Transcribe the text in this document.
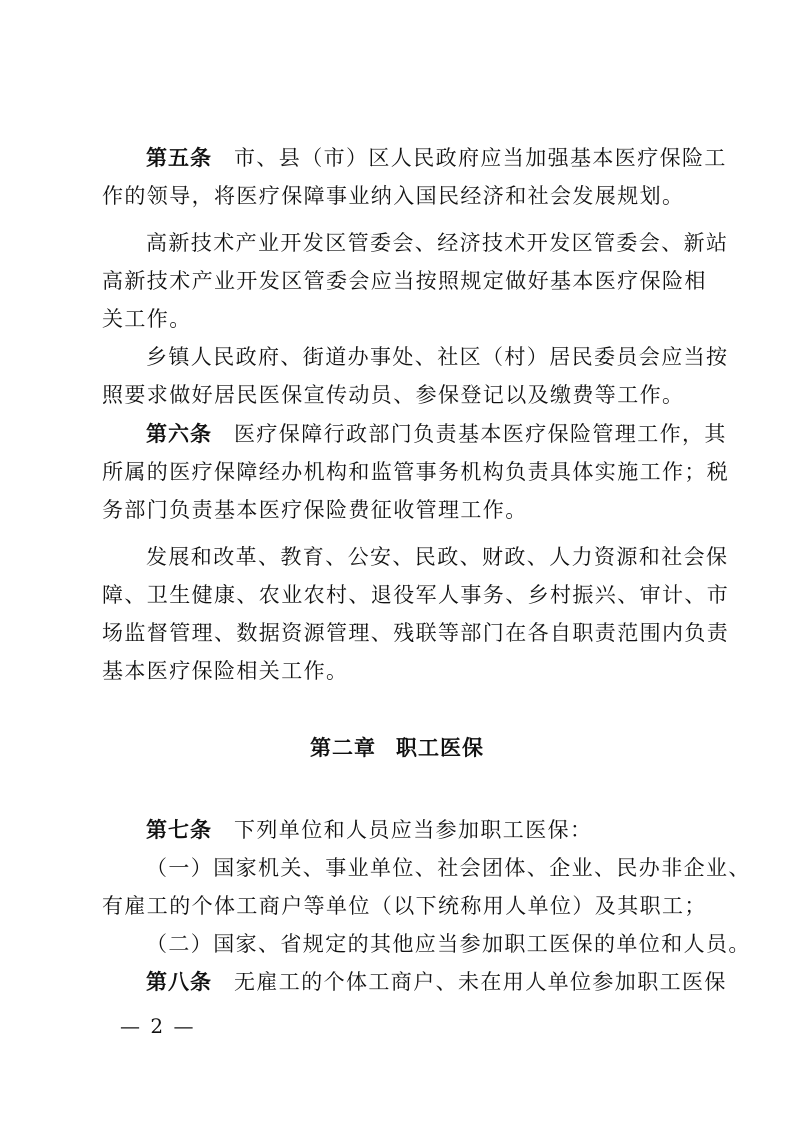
第五条 市、县（市）区人民政府应当加强基本医疗保险工
作的领导，将医疗保障事业纳入国民经济和社会发展规划。
高新技术产业开发区管委会、经济技术开发区管委会、新站
高新技术产业开发区管委会应当按照规定做好基本医疗保险相
关工作。
乡镇人民政府、街道办事处、社区（村）居民委员会应当按
照要求做好居民医保宣传动员、参保登记以及缴费等工作。
第六条 医疗保障行政部门负责基本医疗保险管理工作，其
所属的医疗保障经办机构和监管事务机构负责具体实施工作；税
务部门负责基本医疗保险费征收管理工作。
发展和改革、教育、公安、民政、财政、人力资源和社会保
障、卫生健康、农业农村、退役军人事务、乡村振兴、审计、市
场监督管理、数据资源管理、残联等部门在各自职责范围内负责
基本医疗保险相关工作。
第二章 职工医保
第七条 下列单位和人员应当参加职工医保：
（一）国家机关、事业单位、社会团体、企业、民办非企业、
有雇工的个体工商户等单位（以下统称用人单位）及其职工；
（二）国家、省规定的其他应当参加职工医保的单位和人员。
第八条 无雇工的个体工商户、未在用人单位参加职工医保
— 2 —
